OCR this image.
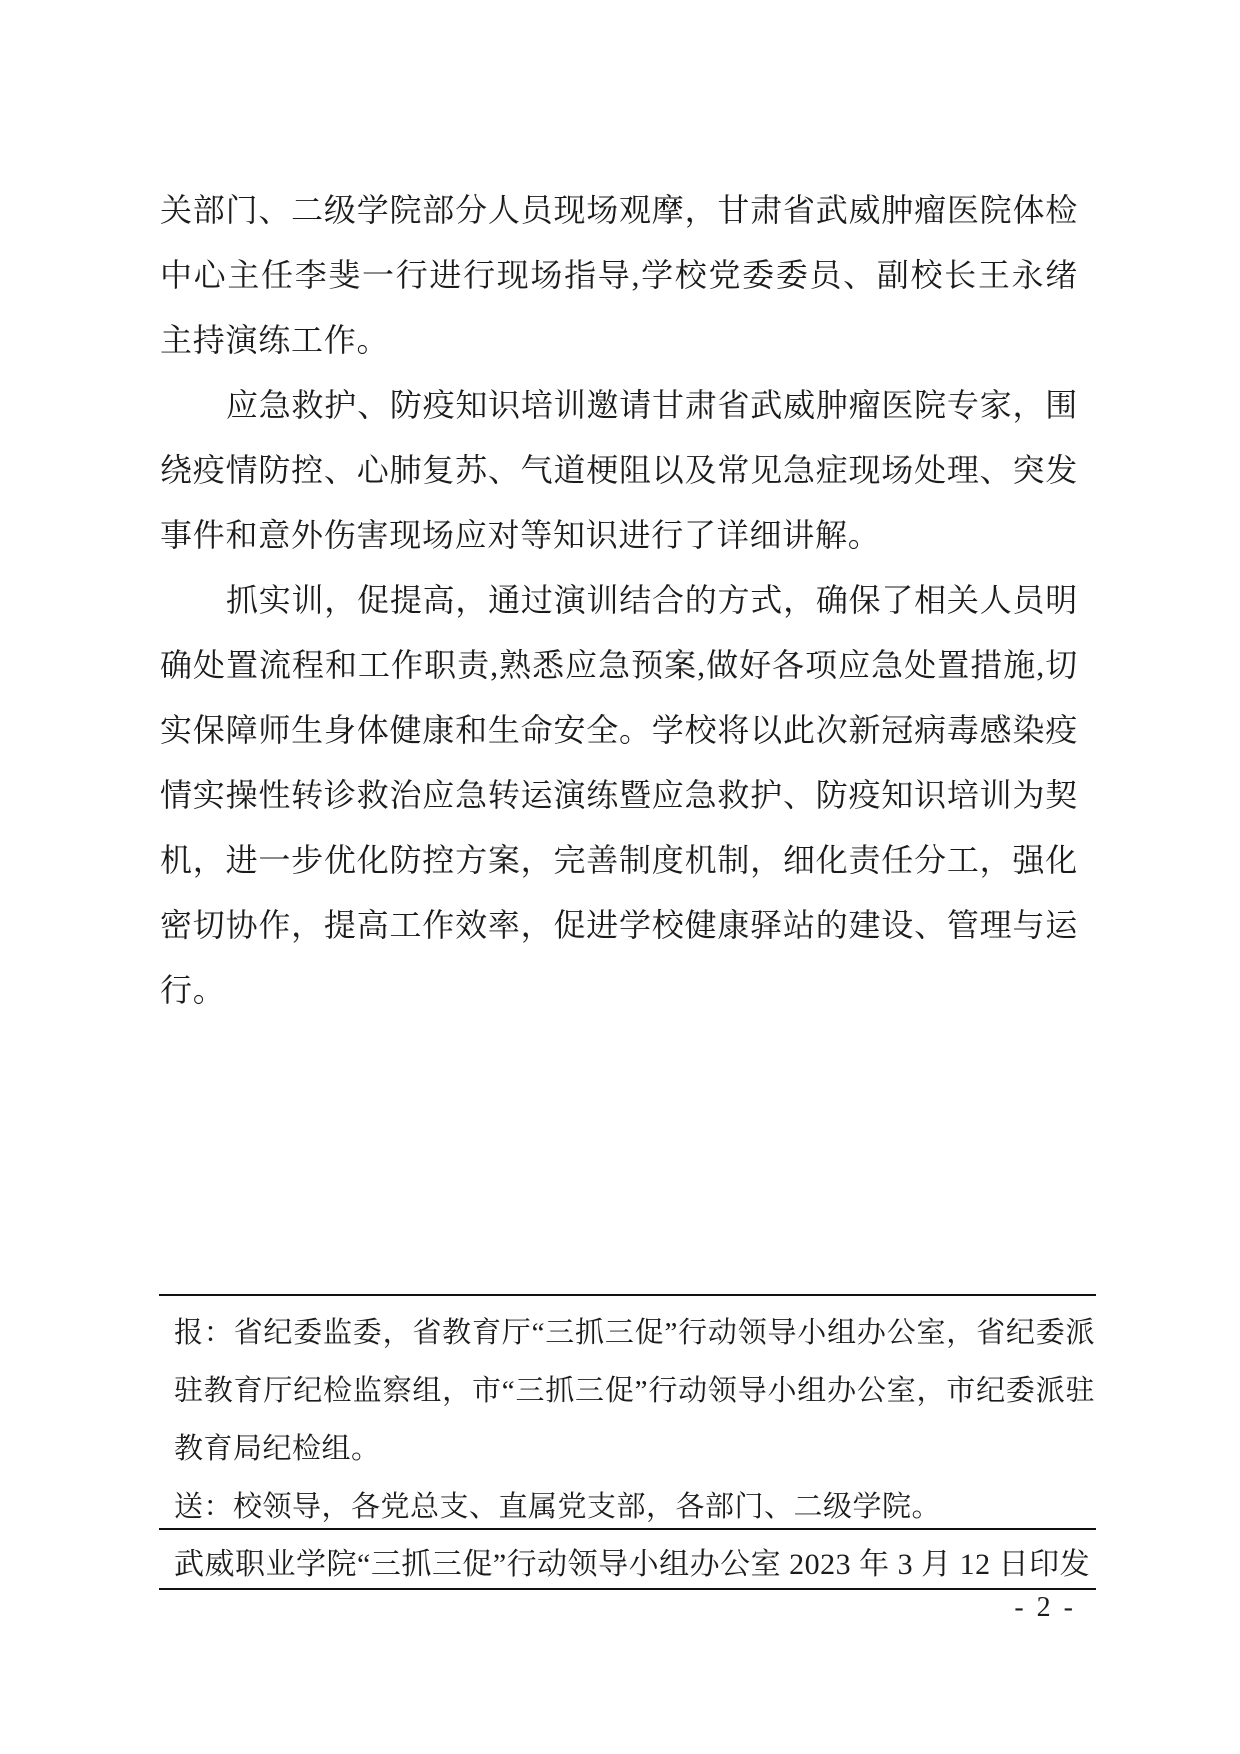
关部门、二级学院部分人员现场观摩，甘肃省武威肿瘤医院体检中心主任李斐一行进行现场指导,学校党委委员、副校长王永绪主持演练工作。

应急救护、防疫知识培训邀请甘肃省武威肿瘤医院专家，围绕疫情防控、心肺复苏、气道梗阻以及常见急症现场处理、突发事件和意外伤害现场应对等知识进行了详细讲解。

抓实训，促提高，通过演训结合的方式，确保了相关人员明确处置流程和工作职责,熟悉应急预案,做好各项应急处置措施,切实保障师生身体健康和生命安全。学校将以此次新冠病毒感染疫情实操性转诊救治应急转运演练暨应急救护、防疫知识培训为契机，进一步优化防控方案，完善制度机制，细化责任分工，强化密切协作，提高工作效率，促进学校健康驿站的建设、管理与运行。

报：省纪委监委，省教育厅“三抓三促”行动领导小组办公室，省纪委派驻教育厅纪检监察组，市“三抓三促”行动领导小组办公室，市纪委派驻教育局纪检组。

送：校领导，各党总支、直属党支部，各部门、二级学院。

武威职业学院“三抓三促”行动领导小组办公室 2023 年 3 月 12 日印发
- 2 -
